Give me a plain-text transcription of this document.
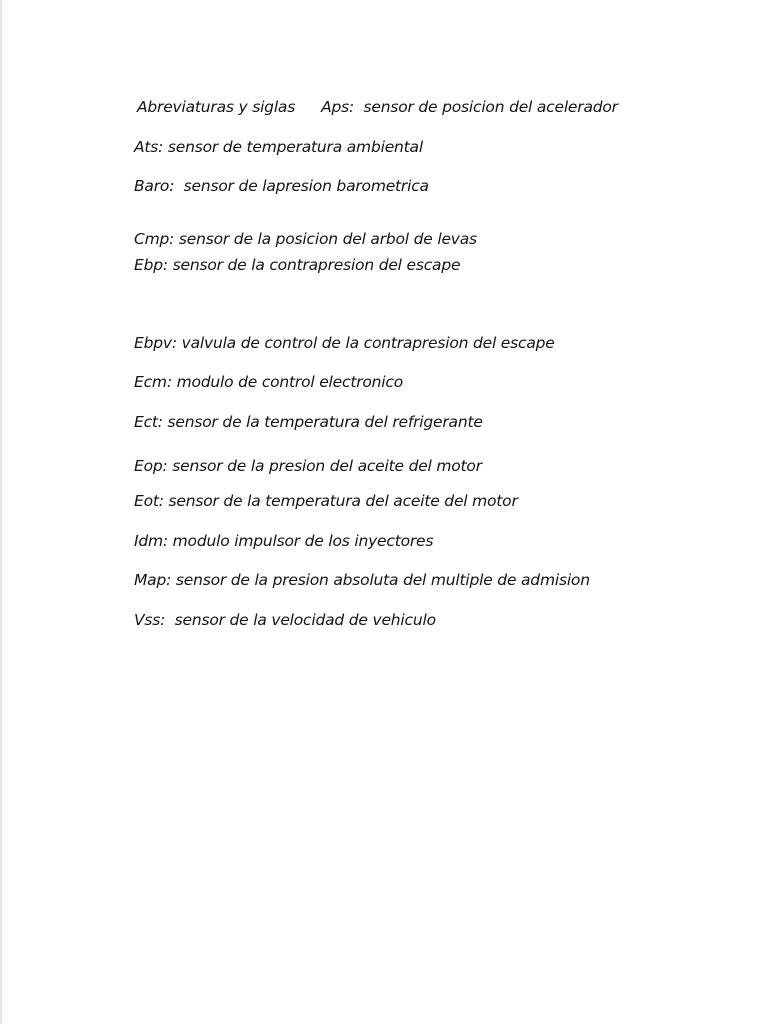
Abreviaturas y siglas Aps:  sensor de posicion del acelerador
Ats: sensor de temperatura ambiental
Baro:  sensor de lapresion barometrica
Cmp: sensor de la posicion del arbol de levas
Ebp: sensor de la contrapresion del escape
Ebpv: valvula de control de la contrapresion del escape
Ecm: modulo de control electronico
Ect: sensor de la temperatura del refrigerante
Eop: sensor de la presion del aceite del motor
Eot: sensor de la temperatura del aceite del motor
Idm: modulo impulsor de los inyectores
Map: sensor de la presion absoluta del multiple de admision
Vss:  sensor de la velocidad de vehiculo
